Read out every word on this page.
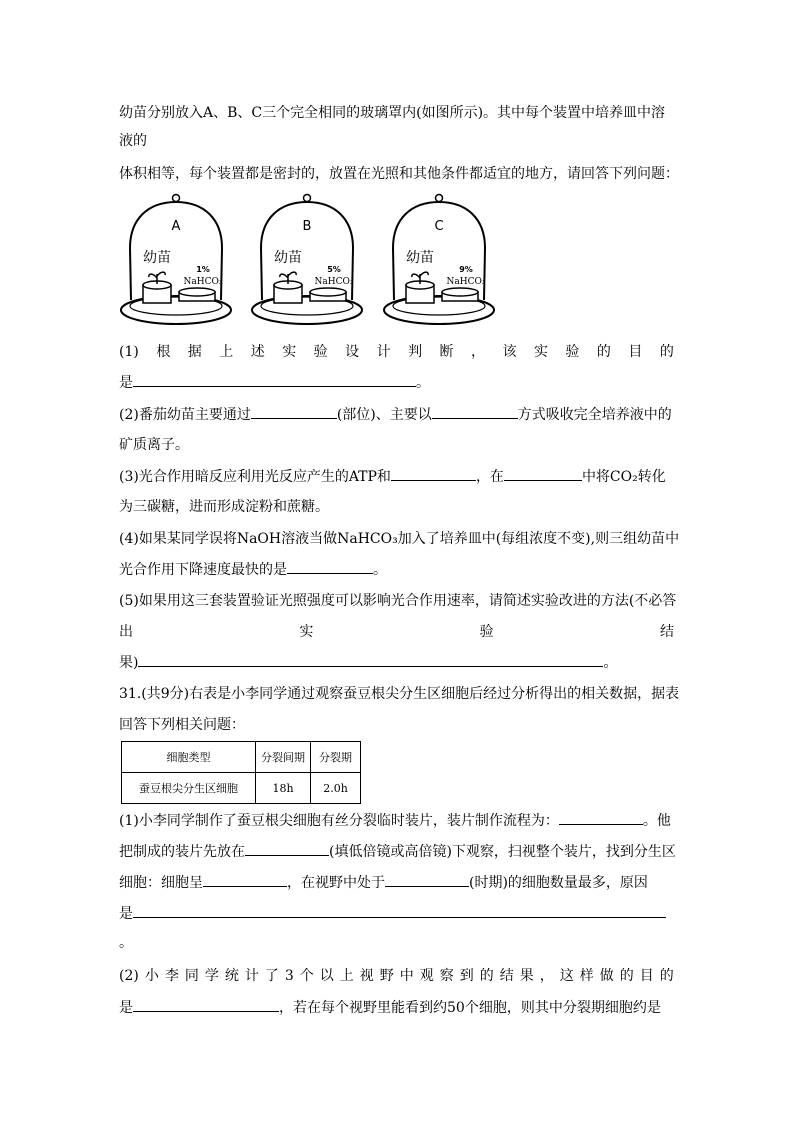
幼苗分别放入A、B、C三个完全相同的玻璃罩内(如图所示)。其中每个装置中培养皿中溶
液的
体积相等，每个装置都是密封的，放置在光照和其他条件都适宜的地方，请回答下列问题：
A
幼苗
1%
NaHCO₃
B
幼苗
5%
NaHCO₃
C
幼苗
9%
NaHCO₃
(1) 根 据 上 述 实 验 设 计 判 断 ， 该 实 验 的 目 的
是	。
(2)番茄幼苗主要通过	(部位)、主要以	方式吸收完全培养液中的
矿质离子。
(3)光合作用暗反应利用光反应产生的ATP和	，在	中将CO₂转化
为三碳糖，进而形成淀粉和蔗糖。
(4)如果某同学误将NaOH溶液当做NaHCO₃加入了培养皿中(每组浓度不变),则三组幼苗中
光合作用下降速度最快的是	。
(5)如果用这三套装置验证光照强度可以影响光合作用速率，请简述实验改进的方法(不必答
出	实	验	结
果)	。
31.(共9分)右表是小李同学通过观察蚕豆根尖分生区细胞后经过分析得出的相关数据，据表
回答下列相关问题：
细胞类型	分裂间期	分裂期
蚕豆根尖分生区细胞	18h	2.0h
(1)小李同学制作了蚕豆根尖细胞有丝分裂临时装片，装片制作流程为：	。他
把制成的装片先放在	(填低倍镜或高倍镜)下观察，扫视整个装片，找到分生区
细胞：细胞呈	，在视野中处于	(时期)的细胞数量最多，原因
是
。
(2) 小 李 同 学 统 计 了 3 个 以 上 视 野 中 观 察 到 的 结 果 ， 这 样 做 的 目 的
是	，若在每个视野里能看到约50个细胞，则其中分裂期细胞约是
